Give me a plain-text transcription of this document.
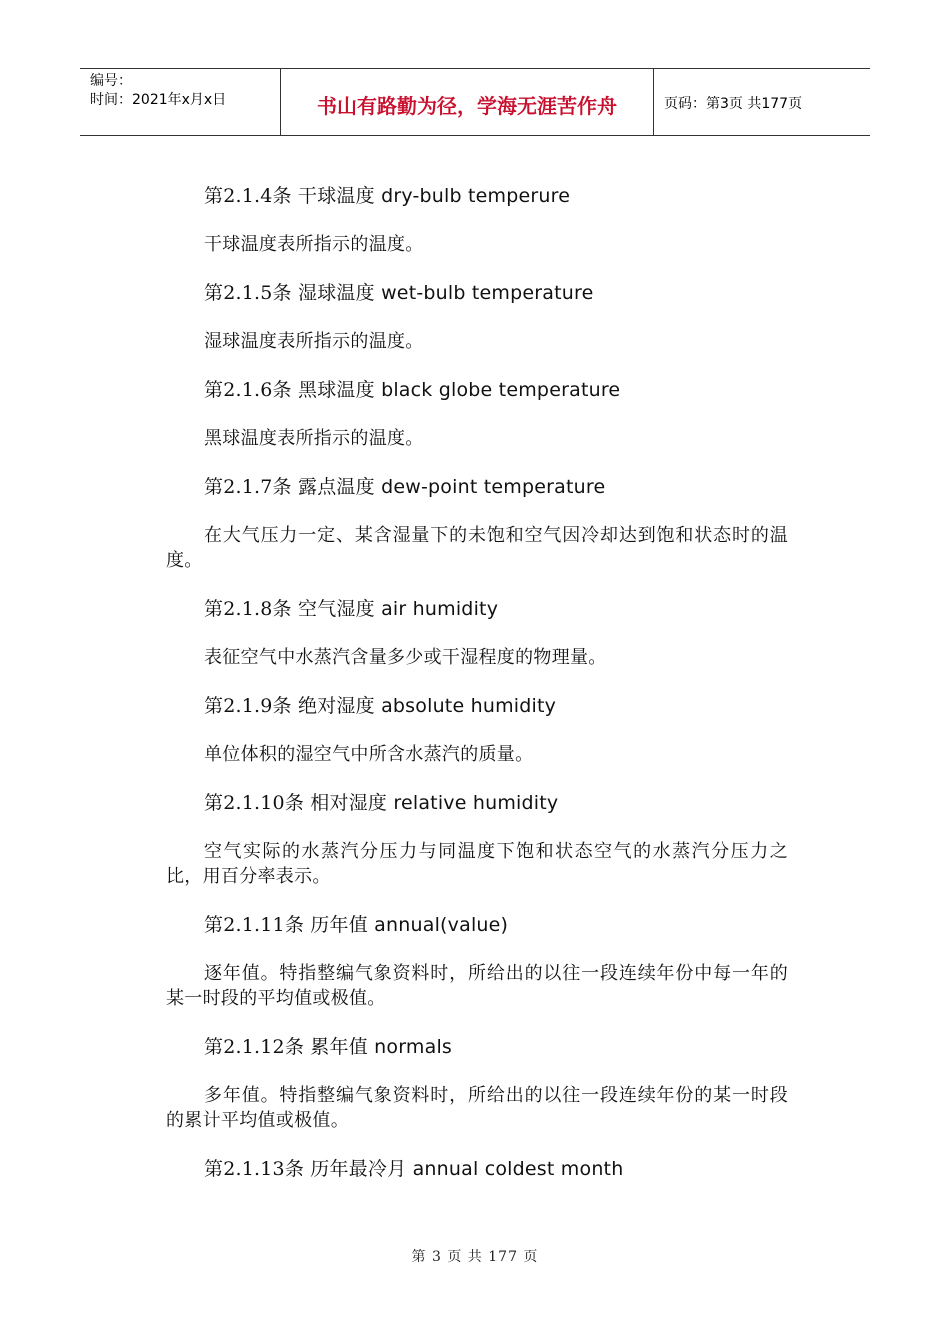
编号：
时间：2021年x月x日	书山有路勤为径，学海无涯苦作舟	页码：第3页 共177页
第2.1.4条 干球温度 dry-bulb temperure
干球温度表所指示的温度。
第2.1.5条 湿球温度 wet-bulb temperature
湿球温度表所指示的温度。
第2.1.6条 黑球温度 black globe temperature
黑球温度表所指示的温度。
第2.1.7条 露点温度 dew-point temperature
在大气压力一定、某含湿量下的未饱和空气因冷却达到饱和状态时的温度。
第2.1.8条 空气湿度 air humidity
表征空气中水蒸汽含量多少或干湿程度的物理量。
第2.1.9条 绝对湿度 absolute humidity
单位体积的湿空气中所含水蒸汽的质量。
第2.1.10条 相对湿度 relative humidity
空气实际的水蒸汽分压力与同温度下饱和状态空气的水蒸汽分压力之比，用百分率表示。
第2.1.11条 历年值 annual(value)
逐年值。特指整编气象资料时，所给出的以往一段连续年份中每一年的某一时段的平均值或极值。
第2.1.12条 累年值 normals
多年值。特指整编气象资料时，所给出的以往一段连续年份的某一时段的累计平均值或极值。
第2.1.13条 历年最冷月 annual coldest month
第 3 页 共 177 页
